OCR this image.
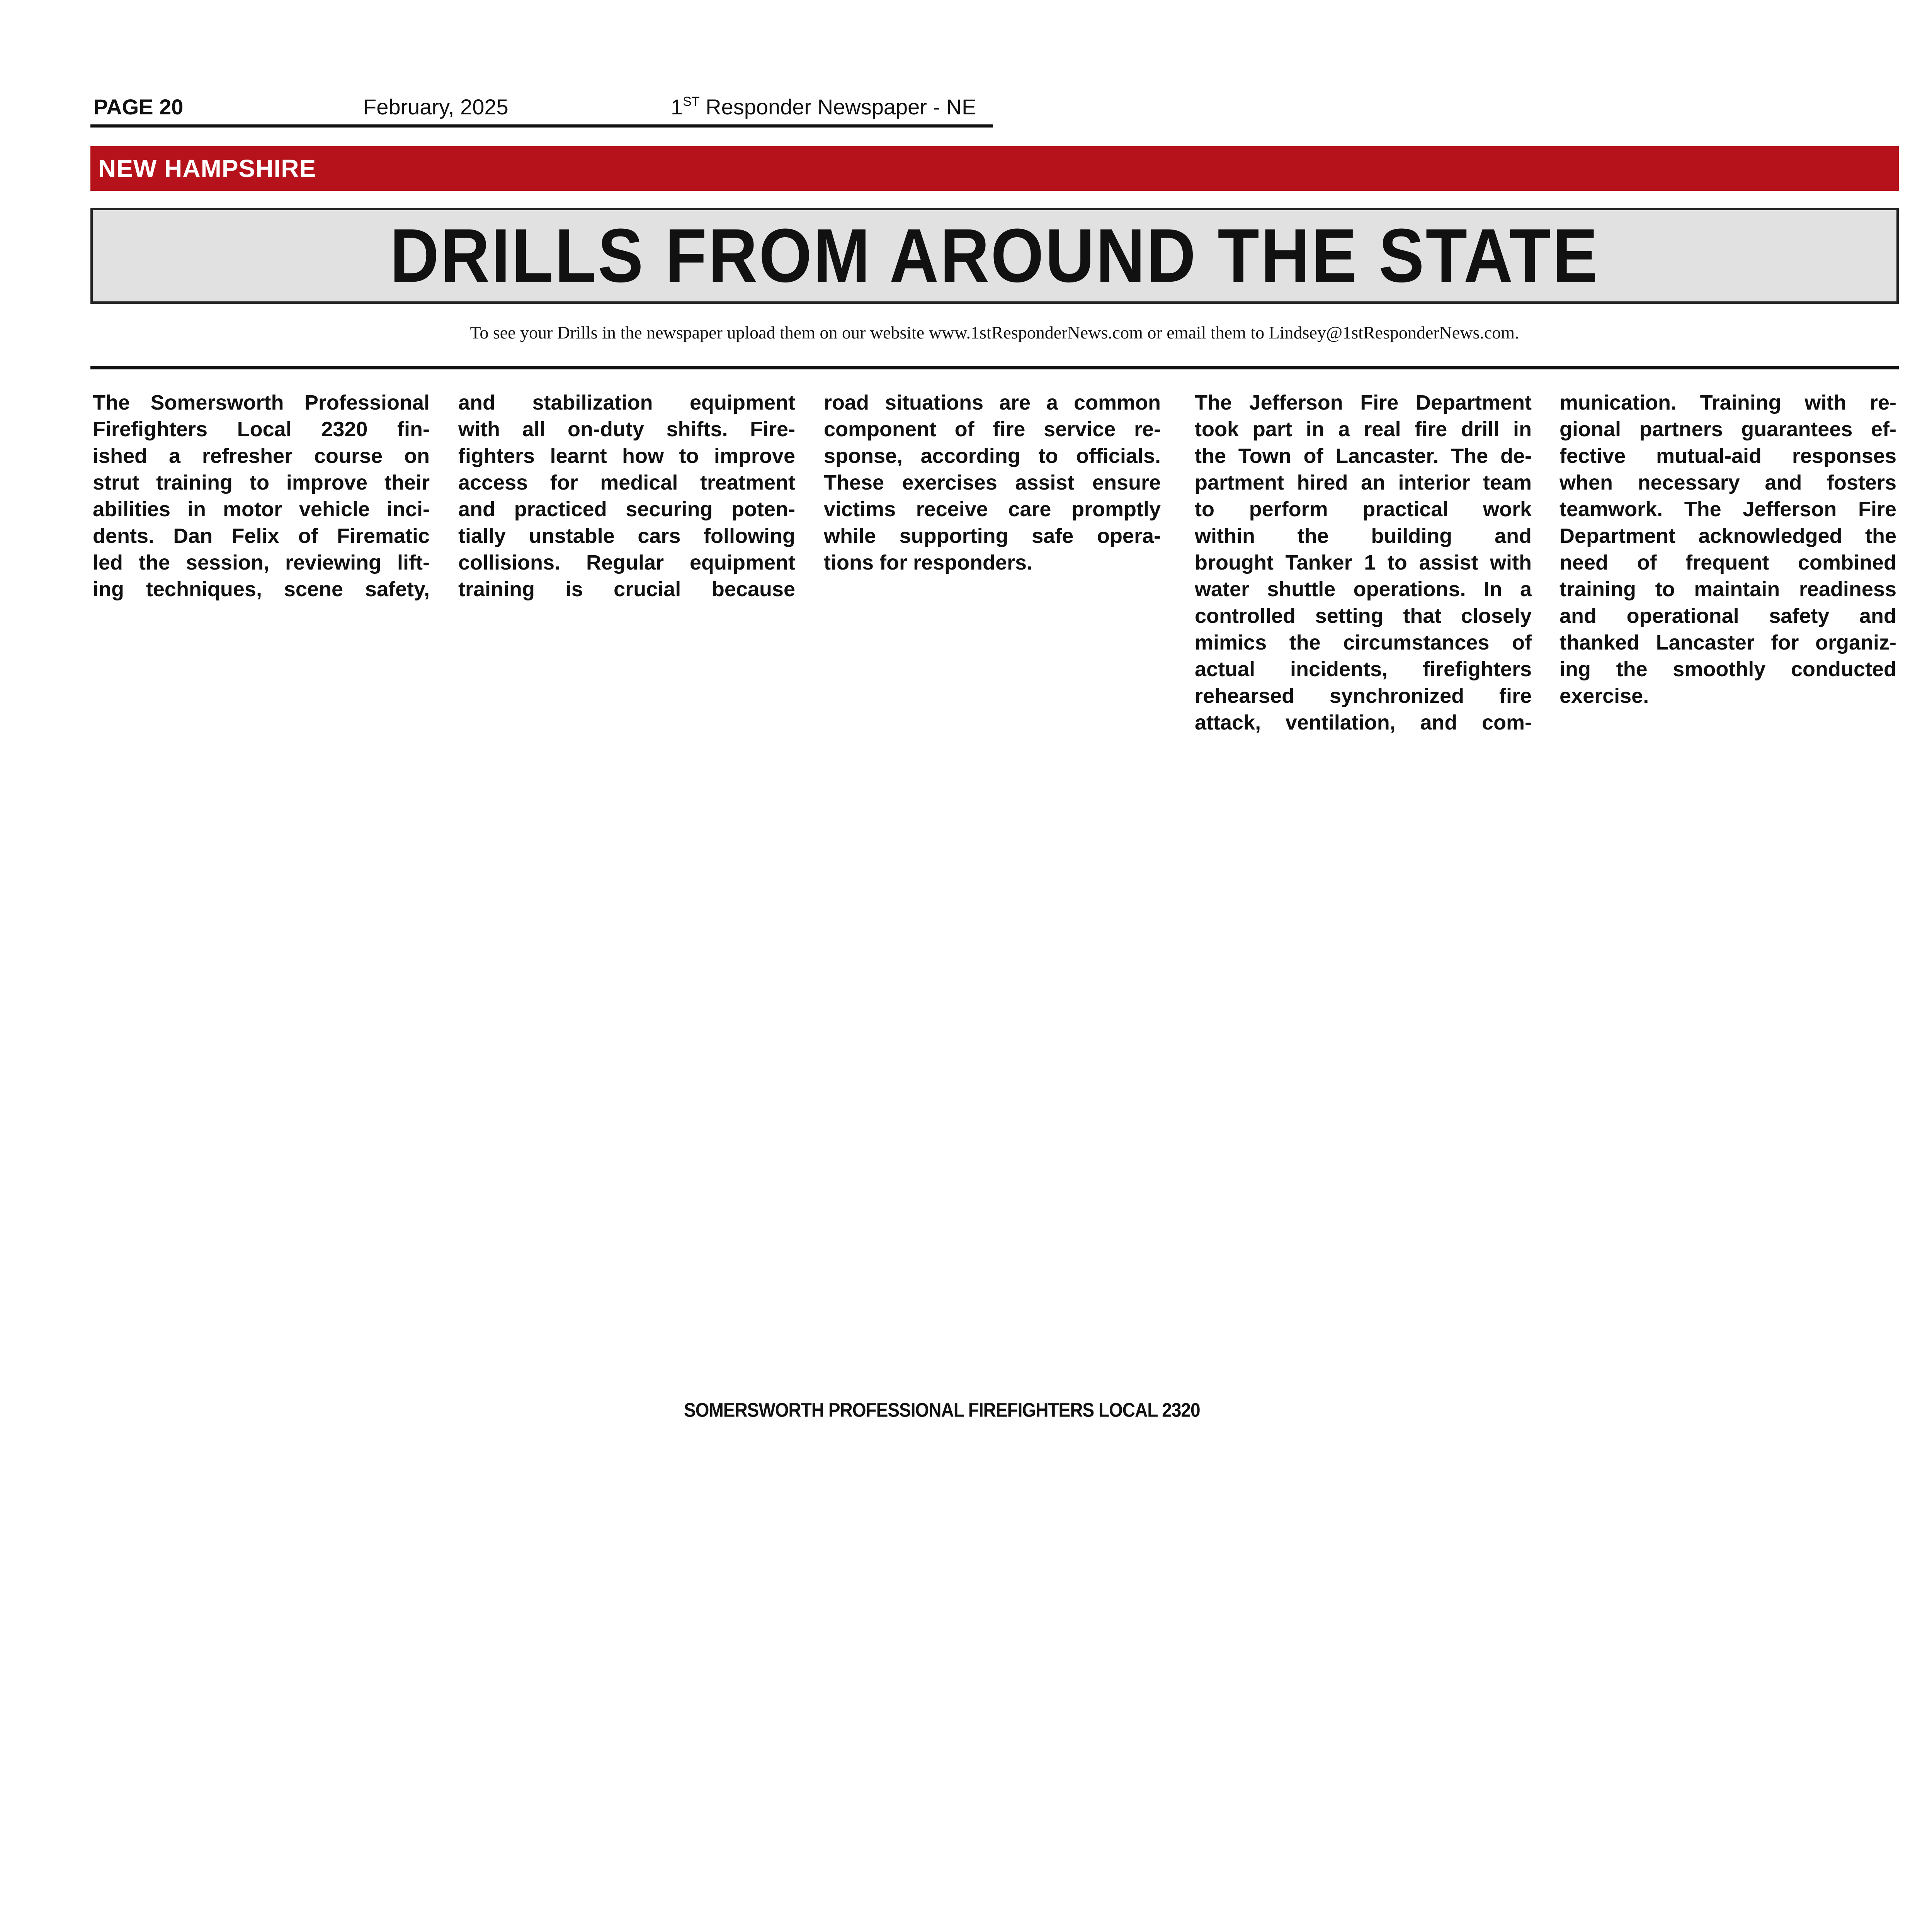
PAGE 20	February, 2025	1ST Responder Newspaper - NE
NEW HAMPSHIRE
DRILLS FROM AROUND THE STATE
To see your Drills in the newspaper upload them on our website www.1stResponderNews.com or email them to Lindsey@1stResponderNews.com.
The Somersworth Professional
Firefighters Local 2320 fin-
ished a refresher course on
strut training to improve their
abilities in motor vehicle inci-
dents. Dan Felix of Firematic
led the session, reviewing lift-
ing techniques, scene safety,
and stabilization equipment
with all on-duty shifts. Fire-
fighters learnt how to improve
access for medical treatment
and practiced securing poten-
tially unstable cars following
collisions. Regular equipment
training is crucial because
road situations are a common
component of fire service re-
sponse, according to officials.
These exercises assist ensure
victims receive care promptly
while supporting safe opera-
tions for responders.
The Jefferson Fire Department
took part in a real fire drill in
the Town of Lancaster. The de-
partment hired an interior team
to perform practical work
within the building and
brought Tanker 1 to assist with
water shuttle operations. In a
controlled setting that closely
mimics the circumstances of
actual incidents, firefighters
rehearsed synchronized fire
attack, ventilation, and com-
munication. Training with re-
gional partners guarantees ef-
fective mutual-aid responses
when necessary and fosters
teamwork. The Jefferson Fire
Department acknowledged the
need of frequent combined
training to maintain readiness
and operational safety and
thanked Lancaster for organiz-
ing the smoothly conducted
exercise.
SOMERSWORTH PROFESSIONAL FIREFIGHTERS LOCAL 2320
